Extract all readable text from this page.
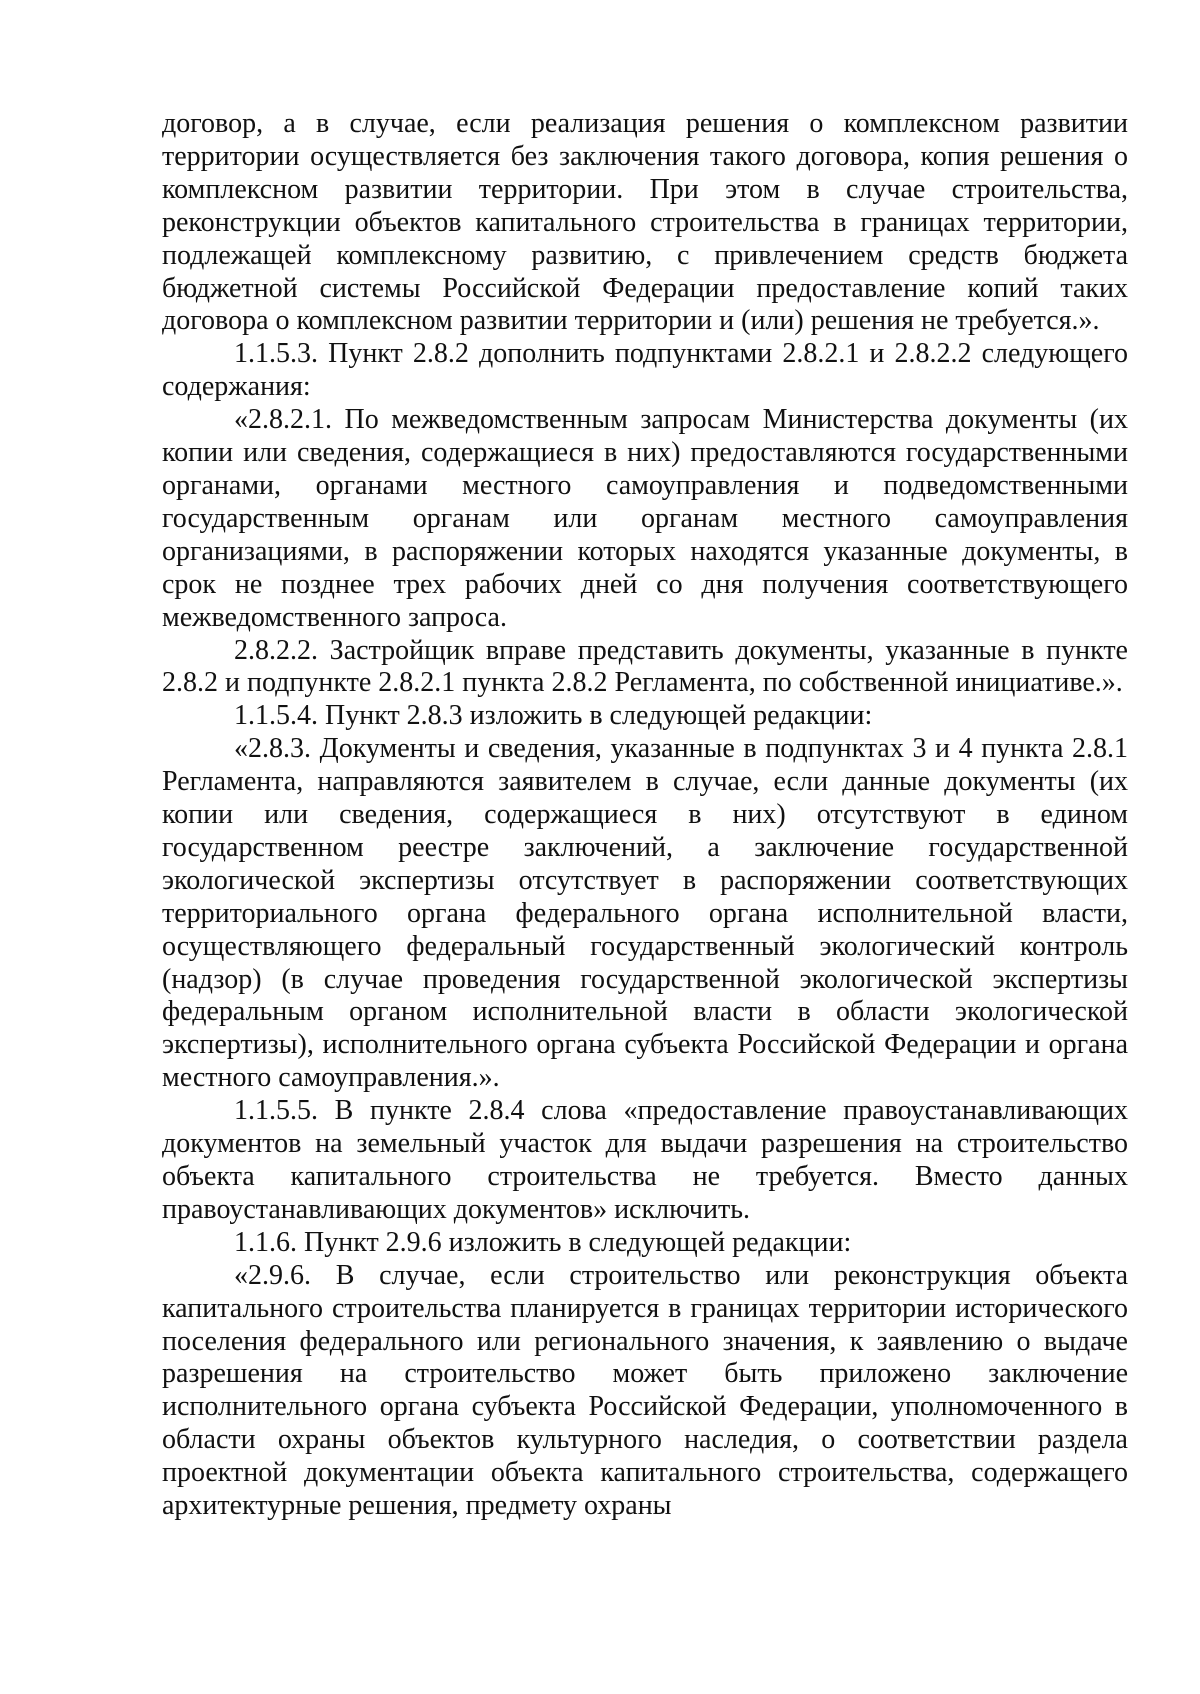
договор, а в случае, если реализация решения о комплексном развитии территории осуществляется без заключения такого договора, копия решения о комплексном развитии территории. При этом в случае строительства, реконструкции объектов капитального строительства в границах территории, подлежащей комплексному развитию, с привлечением средств бюджета бюджетной системы Российской Федерации предоставление копий таких договора о комплексном развитии территории и (или) решения не требуется.».

1.1.5.3. Пункт 2.8.2 дополнить подпунктами 2.8.2.1 и 2.8.2.2 следующего содержания:

«2.8.2.1. По межведомственным запросам Министерства документы (их копии или сведения, содержащиеся в них) предоставляются государственными органами, органами местного самоуправления и подведомственными государственным органам или органам местного самоуправления организациями, в распоряжении которых находятся указанные документы, в срок не позднее трех рабочих дней со дня получения соответствующего межведомственного запроса.

2.8.2.2. Застройщик вправе представить документы, указанные в пункте 2.8.2 и подпункте 2.8.2.1 пункта 2.8.2 Регламента, по собственной инициативе.».

1.1.5.4. Пункт 2.8.3 изложить в следующей редакции:

«2.8.3. Документы и сведения, указанные в подпунктах 3 и 4 пункта 2.8.1 Регламента, направляются заявителем в случае, если данные документы (их копии или сведения, содержащиеся в них) отсутствуют в едином государственном реестре заключений, а заключение государственной экологической экспертизы отсутствует в распоряжении соответствующих территориального органа федерального органа исполнительной власти, осуществляющего федеральный государственный экологический контроль (надзор) (в случае проведения государственной экологической экспертизы федеральным органом исполнительной власти в области экологической экспертизы), исполнительного органа субъекта Российской Федерации и органа местного самоуправления.».

1.1.5.5. В пункте 2.8.4 слова «предоставление правоустанавливающих документов на земельный участок для выдачи разрешения на строительство объекта капитального строительства не требуется. Вместо данных правоустанавливающих документов» исключить.

1.1.6. Пункт 2.9.6 изложить в следующей редакции:

«2.9.6. В случае, если строительство или реконструкция объекта капитального строительства планируется в границах территории исторического поселения федерального или регионального значения, к заявлению о выдаче разрешения на строительство может быть приложено заключение исполнительного органа субъекта Российской Федерации, уполномоченного в области охраны объектов культурного наследия, о соответствии раздела проектной документации объекта капитального строительства, содержащего архитектурные решения, предмету охраны
